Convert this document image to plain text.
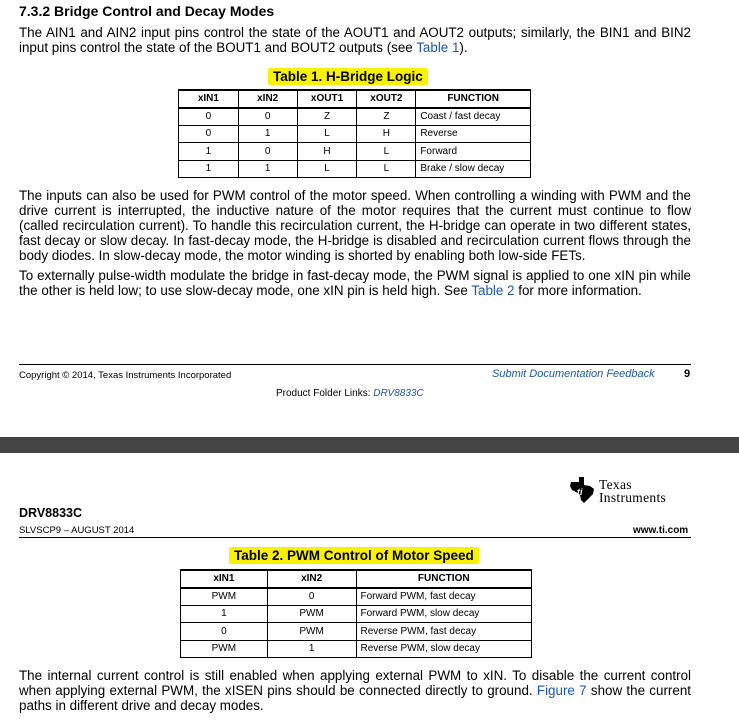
7.3.2 Bridge Control and Decay Modes
The AIN1 and AIN2 input pins control the state of the AOUT1 and AOUT2 outputs; similarly, the BIN1 and BIN2 input pins control the state of the BOUT1 and BOUT2 outputs (see Table 1).
Table 1. H-Bridge Logic
xIN1	xIN2	xOUT1	xOUT2	FUNCTION
0	0	Z	Z	Coast / fast decay
0	1	L	H	Reverse
1	0	H	L	Forward
1	1	L	L	Brake / slow decay
The inputs can also be used for PWM control of the motor speed. When controlling a winding with PWM and the drive current is interrupted, the inductive nature of the motor requires that the current must continue to flow (called recirculation current). To handle this recirculation current, the H-bridge can operate in two different states, fast decay or slow decay. In fast-decay mode, the H-bridge is disabled and recirculation current flows through the body diodes. In slow-decay mode, the motor winding is shorted by enabling both low-side FETs.
To externally pulse-width modulate the bridge in fast-decay mode, the PWM signal is applied to one xIN pin while the other is held low; to use slow-decay mode, one xIN pin is held high. See Table 2 for more information.
Copyright © 2014, Texas Instruments Incorporated	Submit Documentation Feedback	9
Product Folder Links: DRV8833C
ti Texas
Instruments
DRV8833C
SLVSCP9 – AUGUST 2014	www.ti.com
Table 2. PWM Control of Motor Speed
xIN1	xIN2	FUNCTION
PWM	0	Forward PWM, fast decay
1	PWM	Forward PWM, slow decay
0	PWM	Reverse PWM, fast decay
PWM	1	Reverse PWM, slow decay
The internal current control is still enabled when applying external PWM to xIN. To disable the current control when applying external PWM, the xISEN pins should be connected directly to ground. Figure 7 show the current paths in different drive and decay modes.
